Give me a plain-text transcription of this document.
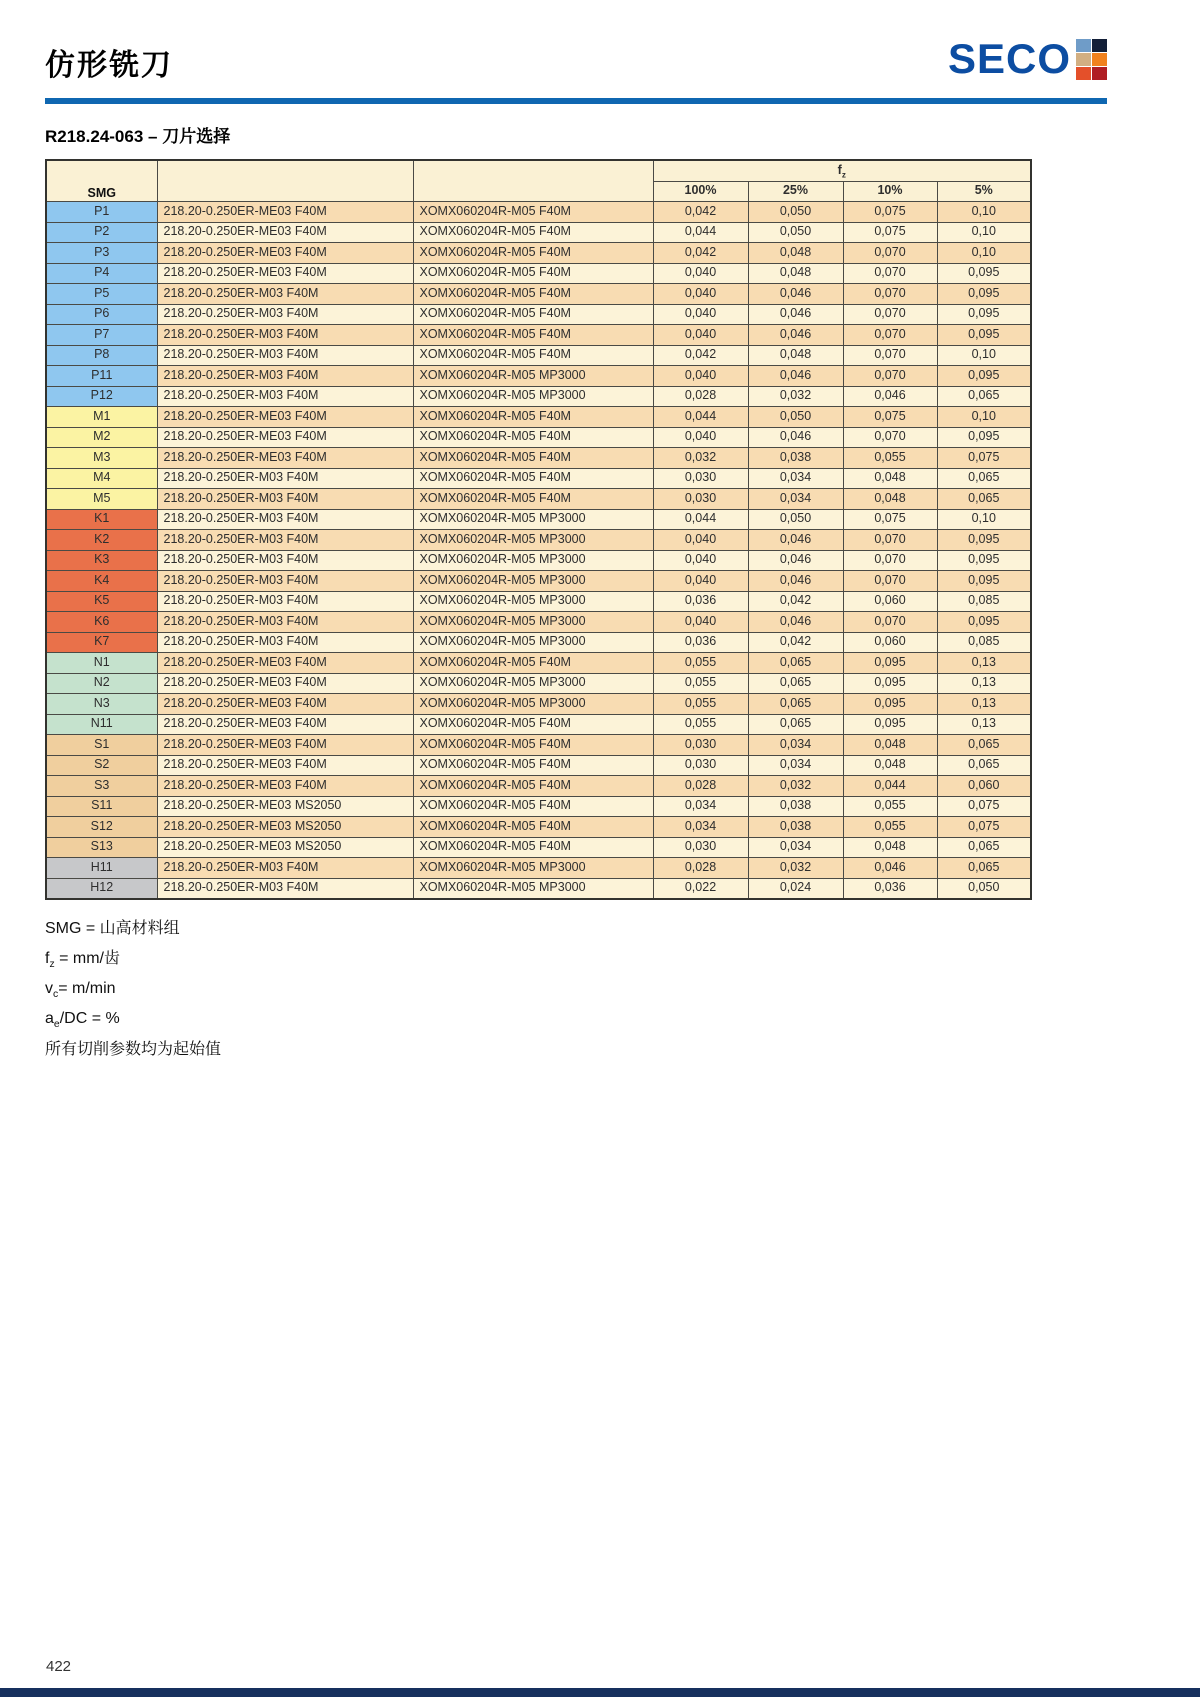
仿形铣刀	SECO
R218.24-063 – 刀片选择
SMG			$f_z$
			100%	25%	10%	5%
P1	218.20-0.250ER-ME03 F40M	XOMX060204R-M05 F40M	0,042	0,050	0,075	0,10
P2	218.20-0.250ER-ME03 F40M	XOMX060204R-M05 F40M	0,044	0,050	0,075	0,10
P3	218.20-0.250ER-ME03 F40M	XOMX060204R-M05 F40M	0,042	0,048	0,070	0,10
P4	218.20-0.250ER-ME03 F40M	XOMX060204R-M05 F40M	0,040	0,048	0,070	0,095
P5	218.20-0.250ER-M03 F40M	XOMX060204R-M05 F40M	0,040	0,046	0,070	0,095
P6	218.20-0.250ER-M03 F40M	XOMX060204R-M05 F40M	0,040	0,046	0,070	0,095
P7	218.20-0.250ER-M03 F40M	XOMX060204R-M05 F40M	0,040	0,046	0,070	0,095
P8	218.20-0.250ER-M03 F40M	XOMX060204R-M05 F40M	0,042	0,048	0,070	0,10
P11	218.20-0.250ER-M03 F40M	XOMX060204R-M05 MP3000	0,040	0,046	0,070	0,095
P12	218.20-0.250ER-M03 F40M	XOMX060204R-M05 MP3000	0,028	0,032	0,046	0,065
M1	218.20-0.250ER-ME03 F40M	XOMX060204R-M05 F40M	0,044	0,050	0,075	0,10
M2	218.20-0.250ER-ME03 F40M	XOMX060204R-M05 F40M	0,040	0,046	0,070	0,095
M3	218.20-0.250ER-ME03 F40M	XOMX060204R-M05 F40M	0,032	0,038	0,055	0,075
M4	218.20-0.250ER-M03 F40M	XOMX060204R-M05 F40M	0,030	0,034	0,048	0,065
M5	218.20-0.250ER-M03 F40M	XOMX060204R-M05 F40M	0,030	0,034	0,048	0,065
K1	218.20-0.250ER-M03 F40M	XOMX060204R-M05 MP3000	0,044	0,050	0,075	0,10
K2	218.20-0.250ER-M03 F40M	XOMX060204R-M05 MP3000	0,040	0,046	0,070	0,095
K3	218.20-0.250ER-M03 F40M	XOMX060204R-M05 MP3000	0,040	0,046	0,070	0,095
K4	218.20-0.250ER-M03 F40M	XOMX060204R-M05 MP3000	0,040	0,046	0,070	0,095
K5	218.20-0.250ER-M03 F40M	XOMX060204R-M05 MP3000	0,036	0,042	0,060	0,085
K6	218.20-0.250ER-M03 F40M	XOMX060204R-M05 MP3000	0,040	0,046	0,070	0,095
K7	218.20-0.250ER-M03 F40M	XOMX060204R-M05 MP3000	0,036	0,042	0,060	0,085
N1	218.20-0.250ER-ME03 F40M	XOMX060204R-M05 F40M	0,055	0,065	0,095	0,13
N2	218.20-0.250ER-ME03 F40M	XOMX060204R-M05 MP3000	0,055	0,065	0,095	0,13
N3	218.20-0.250ER-ME03 F40M	XOMX060204R-M05 MP3000	0,055	0,065	0,095	0,13
N11	218.20-0.250ER-ME03 F40M	XOMX060204R-M05 F40M	0,055	0,065	0,095	0,13
S1	218.20-0.250ER-ME03 F40M	XOMX060204R-M05 F40M	0,030	0,034	0,048	0,065
S2	218.20-0.250ER-ME03 F40M	XOMX060204R-M05 F40M	0,030	0,034	0,048	0,065
S3	218.20-0.250ER-ME03 F40M	XOMX060204R-M05 F40M	0,028	0,032	0,044	0,060
S11	218.20-0.250ER-ME03 MS2050	XOMX060204R-M05 F40M	0,034	0,038	0,055	0,075
S12	218.20-0.250ER-ME03 MS2050	XOMX060204R-M05 F40M	0,034	0,038	0,055	0,075
S13	218.20-0.250ER-ME03 MS2050	XOMX060204R-M05 F40M	0,030	0,034	0,048	0,065
H11	218.20-0.250ER-M03 F40M	XOMX060204R-M05 MP3000	0,028	0,032	0,046	0,065
H12	218.20-0.250ER-M03 F40M	XOMX060204R-M05 MP3000	0,022	0,024	0,036	0,050
SMG = 山高材料组
$f_z = mm/$齿
$v_c= m/\min$
$a_e/DC$ = %
所有切削参数均为起始值
422
